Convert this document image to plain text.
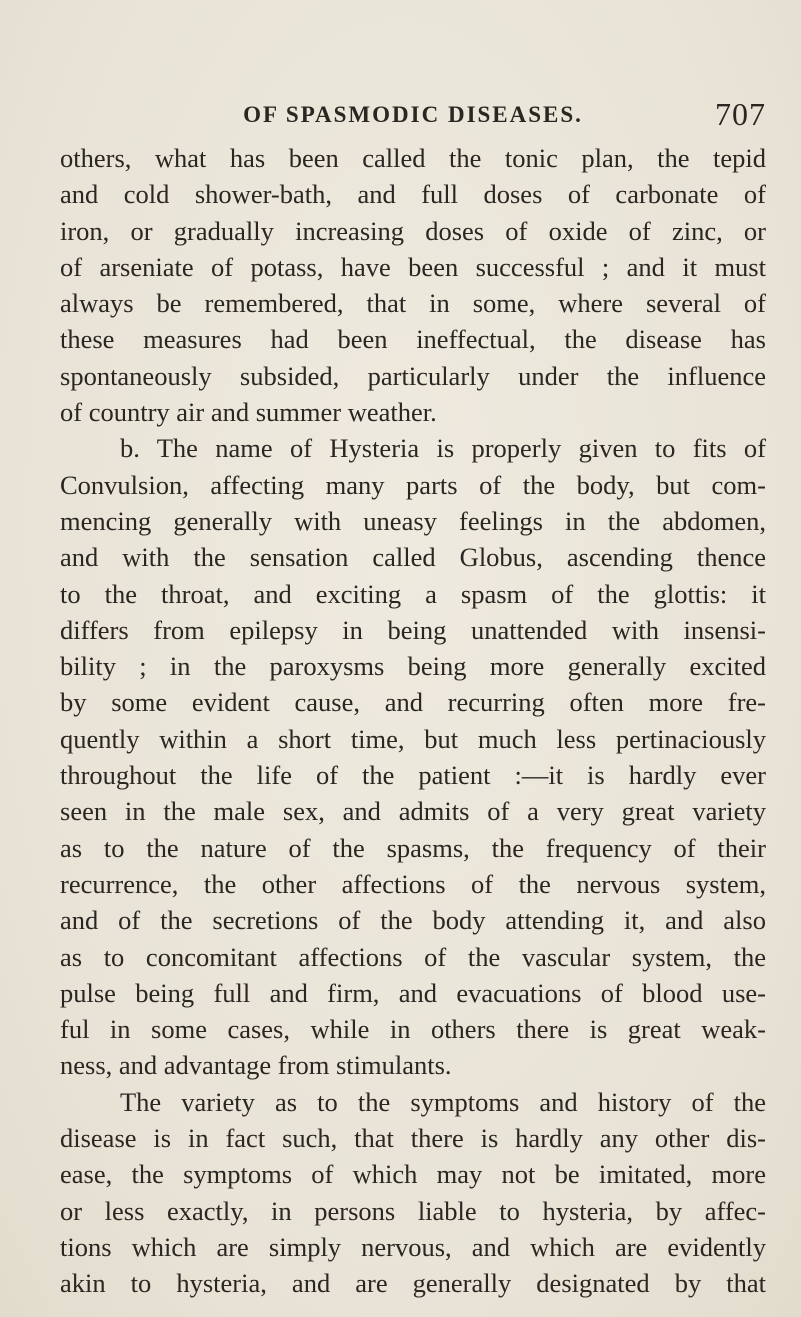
OF SPASMODIC DISEASES.	707
others, what has been called the tonic plan, the tepid
and cold shower-bath, and full doses of carbonate of
iron, or gradually increasing doses of oxide of zinc, or
of arseniate of potass, have been successful ; and it must
always be remembered, that in some, where several of
these measures had been ineffectual, the disease has
spontaneously subsided, particularly under the influence
of country air and summer weather.
b. The name of Hysteria is properly given to fits of
Convulsion, affecting many parts of the body, but com-
mencing generally with uneasy feelings in the abdomen,
and with the sensation called Globus, ascending thence
to the throat, and exciting a spasm of the glottis: it
differs from epilepsy in being unattended with insensi-
bility ; in the paroxysms being more generally excited
by some evident cause, and recurring often more fre-
quently within a short time, but much less pertinaciously
throughout the life of the patient :—it is hardly ever
seen in the male sex, and admits of a very great variety
as to the nature of the spasms, the frequency of their
recurrence, the other affections of the nervous system,
and of the secretions of the body attending it, and also
as to concomitant affections of the vascular system, the
pulse being full and firm, and evacuations of blood use-
ful in some cases, while in others there is great weak-
ness, and advantage from stimulants.
The variety as to the symptoms and history of the
disease is in fact such, that there is hardly any other dis-
ease, the symptoms of which may not be imitated, more
or less exactly, in persons liable to hysteria, by affec-
tions which are simply nervous, and which are evidently
akin to hysteria, and are generally designated by that
